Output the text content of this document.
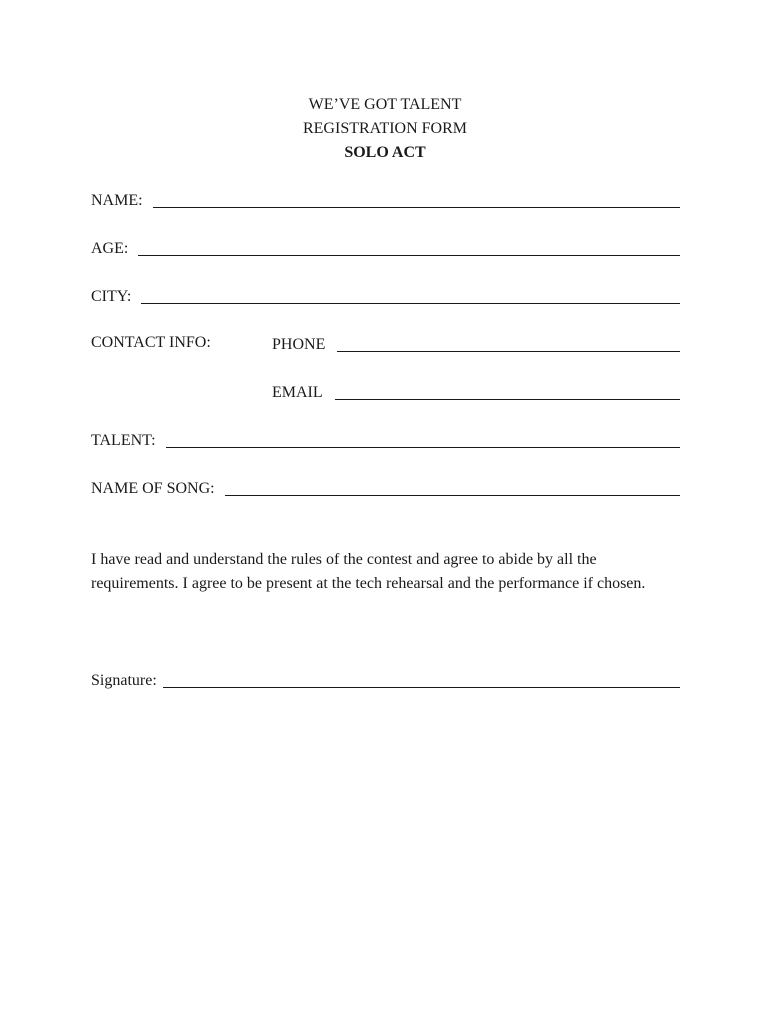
WE’VE GOT TALENT
REGISTRATION FORM
SOLO ACT
NAME:
AGE:
CITY:
CONTACT INFO:	PHONE
EMAIL
TALENT:
NAME OF SONG:
I have read and understand the rules of the contest and agree to abide by all the requirements. I agree to be present at the tech rehearsal and the performance if chosen.
Signature:
